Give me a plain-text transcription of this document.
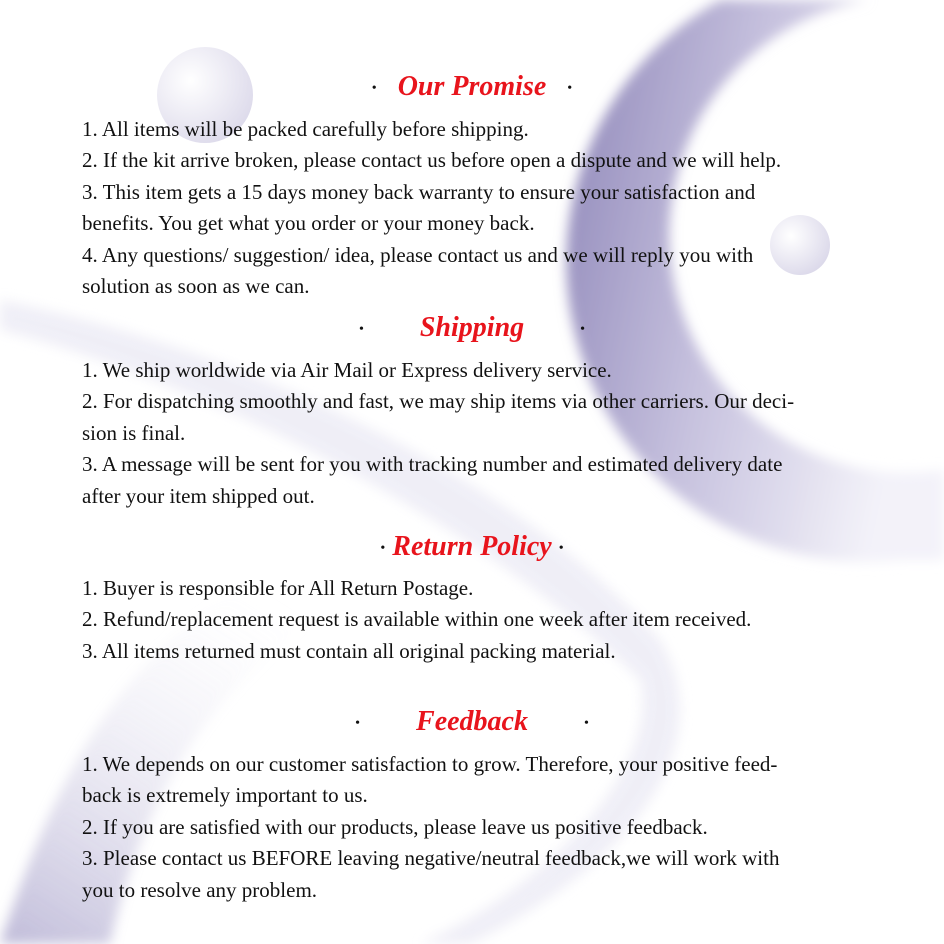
• Our Promise •
1. All items will be packed carefully before shipping.
2. If the kit arrive broken, please contact us before open a dispute and we will help.
3. This item gets a 15 days money back warranty to ensure your satisfaction and
benefits. You get what you order or your money back.
4. Any questions/ suggestion/ idea, please contact us and we will reply you with
solution as soon as we can.
• Shipping	•
1. We ship worldwide via Air Mail or Express delivery service.
2. For dispatching smoothly and fast, we may ship items via other carriers. Our deci-
sion is final.
3. A message will be sent for you with tracking number and estimated delivery date
after your item shipped out.
• Return Policy •
1. Buyer is responsible for All Return Postage.
2. Refund/replacement request is available within one week after item received.
3. All items returned must contain all original packing material.
• Feedback	•
1. We depends on our customer satisfaction to grow. Therefore, your positive feed-
back is extremely important to us.
2. If you are satisfied with our products, please leave us positive feedback.
3. Please contact us BEFORE leaving negative/neutral feedback,we will work with
you to resolve any problem.
